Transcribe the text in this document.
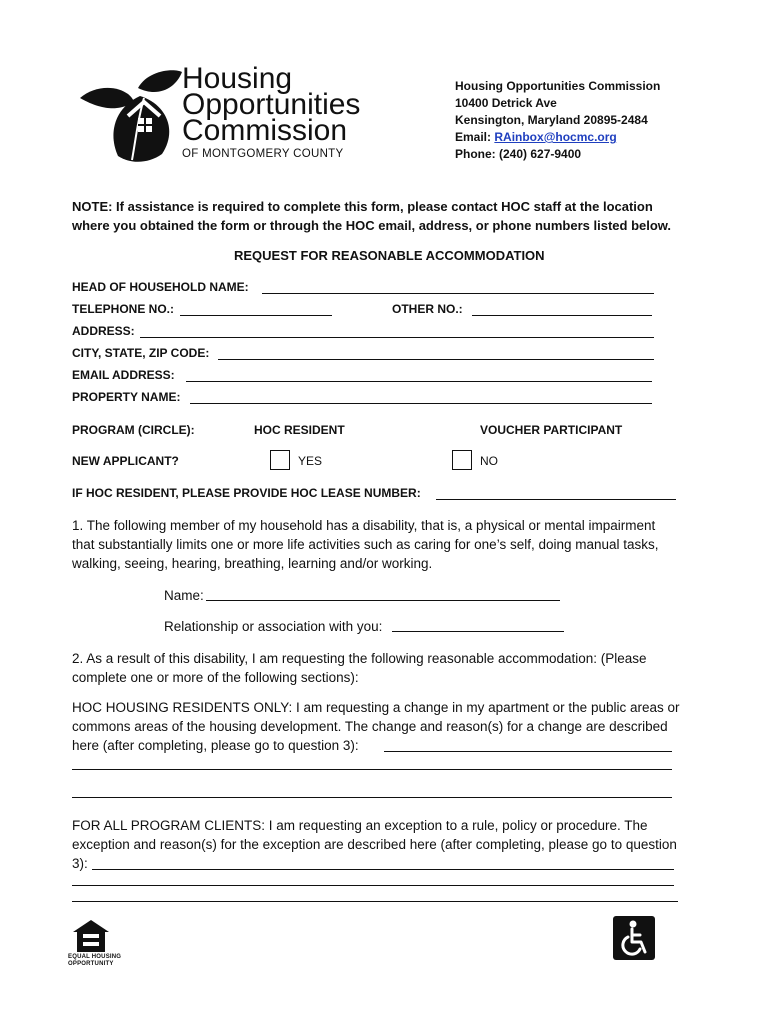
Housing
Opportunities
Commission
OF MONTGOMERY COUNTY
Housing Opportunities Commission
10400 Detrick Ave
Kensington, Maryland 20895-2484
Email: RAinbox@hocmc.org
Phone: (240) 627-9400
NOTE: If assistance is required to complete this form, please contact HOC staff at the location
where you obtained the form or through the HOC email, address, or phone numbers listed below.
REQUEST FOR REASONABLE ACCOMMODATION
HEAD OF HOUSEHOLD NAME:
TELEPHONE NO.:	OTHER NO.:
ADDRESS:
CITY, STATE, ZIP CODE:
EMAIL ADDRESS:
PROPERTY NAME:
PROGRAM (CIRCLE):	HOC RESIDENT	VOUCHER PARTICIPANT
NEW APPLICANT?	YES	NO
IF HOC RESIDENT, PLEASE PROVIDE HOC LEASE NUMBER:
1. The following member of my household has a disability, that is, a physical or mental impairment
that substantially limits one or more life activities such as caring for one’s self, doing manual tasks,
walking, seeing, hearing, breathing, learning and/or working.
Name:
Relationship or association with you:
2. As a result of this disability, I am requesting the following reasonable accommodation: (Please
complete one or more of the following sections):
HOC HOUSING RESIDENTS ONLY: I am requesting a change in my apartment or the public areas or
commons areas of the housing development. The change and reason(s) for a change are described
here (after completing, please go to question 3):
FOR ALL PROGRAM CLIENTS: I am requesting an exception to a rule, policy or procedure. The
exception and reason(s) for the exception are described here (after completing, please go to question
3):
EQUAL HOUSING
OPPORTUNITY
